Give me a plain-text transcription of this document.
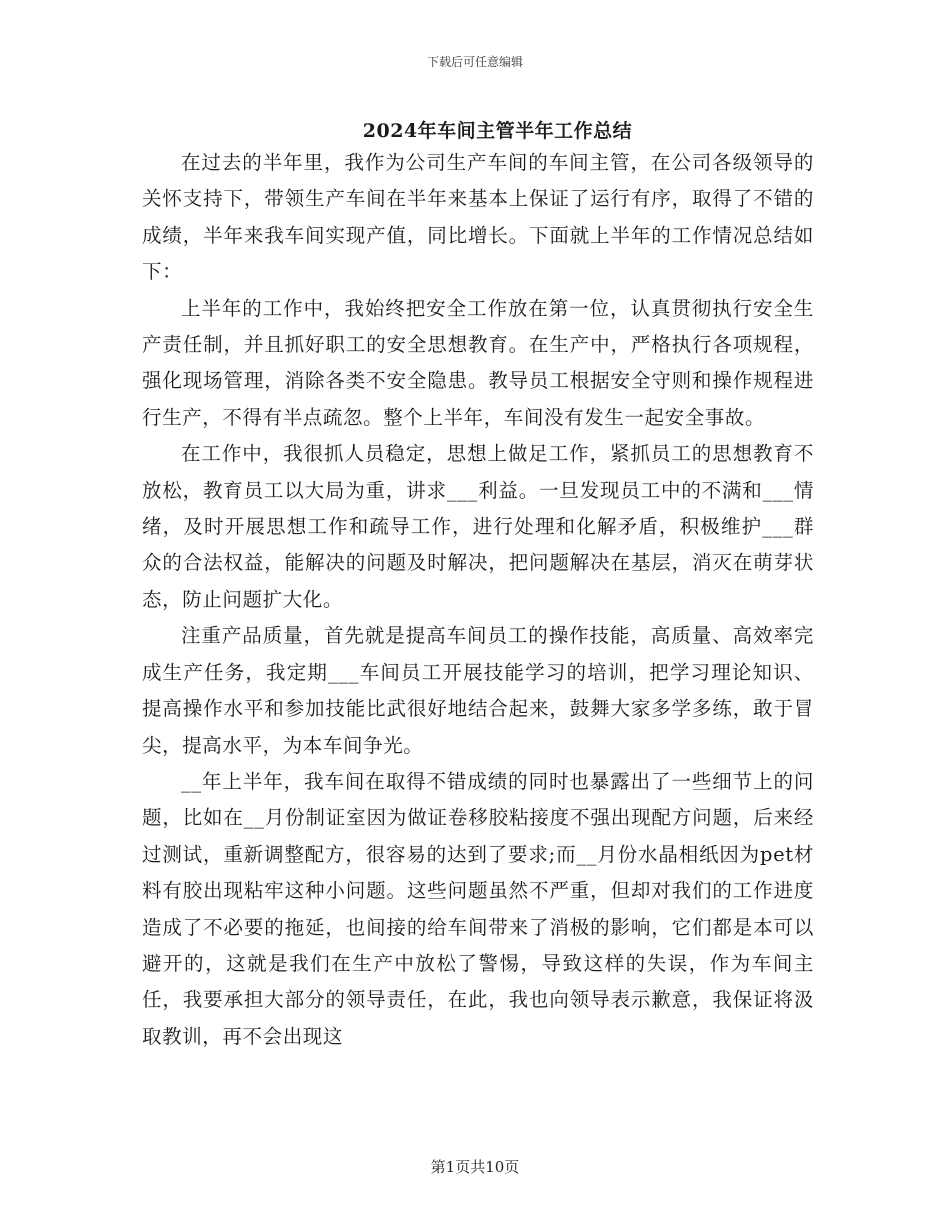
下载后可任意编辑
2024年车间主管半年工作总结

在过去的半年里，我作为公司生产车间的车间主管，在公司各级领导的关怀支持下，带领生产车间在半年来基本上保证了运行有序，取得了不错的成绩，半年来我车间实现产值，同比增长。下面就上半年的工作情况总结如下：

上半年的工作中，我始终把安全工作放在第一位，认真贯彻执行安全生产责任制，并且抓好职工的安全思想教育。在生产中，严格执行各项规程，强化现场管理，消除各类不安全隐患。教导员工根据安全守则和操作规程进行生产，不得有半点疏忽。整个上半年，车间没有发生一起安全事故。

在工作中，我很抓人员稳定，思想上做足工作，紧抓员工的思想教育不放松，教育员工以大局为重，讲求___利益。一旦发现员工中的不满和___情绪，及时开展思想工作和疏导工作，进行处理和化解矛盾，积极维护___群众的合法权益，能解决的问题及时解决，把问题解决在基层，消灭在萌芽状态，防止问题扩大化。

注重产品质量，首先就是提高车间员工的操作技能，高质量、高效率完成生产任务，我定期___车间员工开展技能学习的培训，把学习理论知识、提高操作水平和参加技能比武很好地结合起来，鼓舞大家多学多练，敢于冒尖，提高水平，为本车间争光。

__年上半年，我车间在取得不错成绩的同时也暴露出了一些细节上的问题，比如在__月份制证室因为做证卷移胶粘接度不强出现配方问题，后来经过测试，重新调整配方，很容易的达到了要求;而__月份水晶相纸因为pet材料有胶出现粘牢这种小问题。这些问题虽然不严重，但却对我们的工作进度造成了不必要的拖延，也间接的给车间带来了消极的影响，它们都是本可以避开的，这就是我们在生产中放松了警惕，导致这样的失误，作为车间主任，我要承担大部分的领导责任，在此，我也向领导表示歉意，我保证将汲取教训，再不会出现这

第1页共10页
